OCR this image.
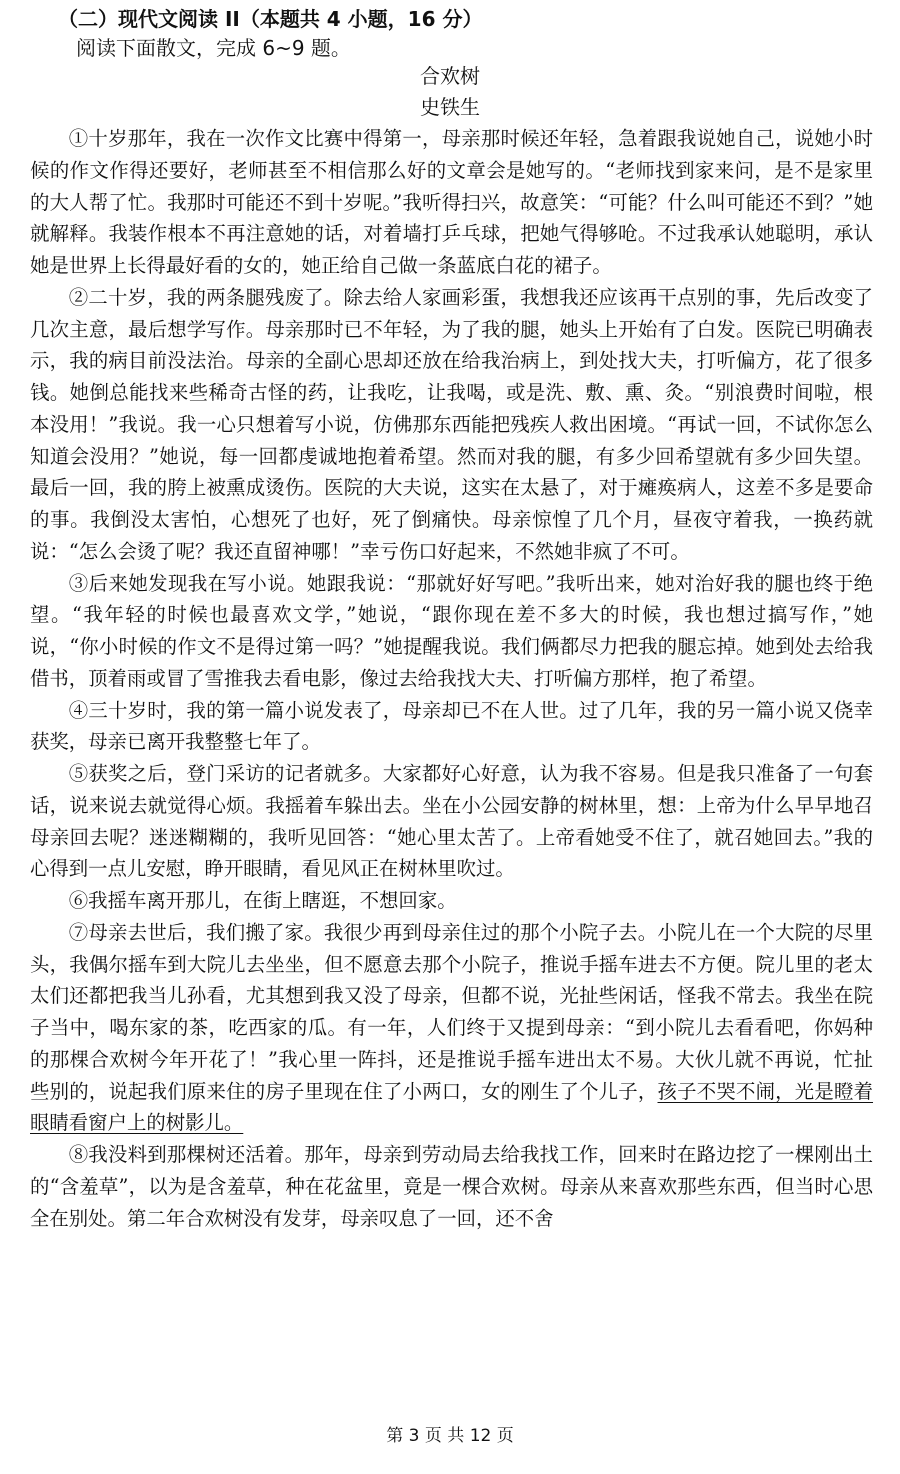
（二）现代文阅读 II（本题共 4 小题，16 分）
阅读下面散文，完成 6~9 题。
合欢树
史铁生

①十岁那年，我在一次作文比赛中得第一，母亲那时候还年轻，急着跟我说她自己，说她小时候的作文作得还要好，老师甚至不相信那么好的文章会是她写的。“老师找到家来问，是不是家里的大人帮了忙。我那时可能还不到十岁呢。”我听得扫兴，故意笑：“可能？什么叫可能还不到？”她就解释。我装作根本不再注意她的话，对着墙打乒乓球，把她气得够呛。不过我承认她聪明，承认她是世界上长得最好看的女的，她正给自己做一条蓝底白花的裙子。

②二十岁，我的两条腿残废了。除去给人家画彩蛋，我想我还应该再干点别的事，先后改变了几次主意，最后想学写作。母亲那时已不年轻，为了我的腿，她头上开始有了白发。医院已明确表示，我的病目前没法治。母亲的全副心思却还放在给我治病上，到处找大夫，打听偏方，花了很多钱。她倒总能找来些稀奇古怪的药，让我吃，让我喝，或是洗、敷、熏、灸。“别浪费时间啦，根本没用！”我说。我一心只想着写小说，仿佛那东西能把残疾人救出困境。“再试一回，不试你怎么知道会没用？”她说，每一回都虔诚地抱着希望。然而对我的腿，有多少回希望就有多少回失望。最后一回，我的胯上被熏成烫伤。医院的大夫说，这实在太悬了，对于瘫痪病人，这差不多是要命的事。我倒没太害怕，心想死了也好，死了倒痛快。母亲惊惶了几个月，昼夜守着我，一换药就说：“怎么会烫了呢？我还直留神哪！”幸亏伤口好起来，不然她非疯了不可。

③后来她发现我在写小说。她跟我说：“那就好好写吧。”我听出来，她对治好我的腿也终于绝望。“我年轻的时候也最喜欢文学，”她说，“跟你现在差不多大的时候，我也想过搞写作，”她说，“你小时候的作文不是得过第一吗？”她提醒我说。我们俩都尽力把我的腿忘掉。她到处去给我借书，顶着雨或冒了雪推我去看电影，像过去给我找大夫、打听偏方那样，抱了希望。

④三十岁时，我的第一篇小说发表了，母亲却已不在人世。过了几年，我的另一篇小说又侥幸获奖，母亲已离开我整整七年了。

⑤获奖之后，登门采访的记者就多。大家都好心好意，认为我不容易。但是我只准备了一句套话，说来说去就觉得心烦。我摇着车躲出去。坐在小公园安静的树林里，想：上帝为什么早早地召母亲回去呢？迷迷糊糊的，我听见回答：“她心里太苦了。上帝看她受不住了，就召她回去。”我的心得到一点儿安慰，睁开眼睛，看见风正在树林里吹过。

⑥我摇车离开那儿，在街上瞎逛，不想回家。

⑦母亲去世后，我们搬了家。我很少再到母亲住过的那个小院子去。小院儿在一个大院的尽里头，我偶尔摇车到大院儿去坐坐，但不愿意去那个小院子，推说手摇车进去不方便。院儿里的老太太们还都把我当儿孙看，尤其想到我又没了母亲，但都不说，光扯些闲话，怪我不常去。我坐在院子当中，喝东家的茶，吃西家的瓜。有一年，人们终于又提到母亲：“到小院儿去看看吧，你妈种的那棵合欢树今年开花了！”我心里一阵抖，还是推说手摇车进出太不易。大伙儿就不再说，忙扯些别的，说起我们原来住的房子里现在住了小两口，女的刚生了个儿子，孩子不哭不闹，光是瞪着眼睛看窗户上的树影儿。

⑧我没料到那棵树还活着。那年，母亲到劳动局去给我找工作，回来时在路边挖了一棵刚出土的“含羞草”，以为是含羞草，种在花盆里，竟是一棵合欢树。母亲从来喜欢那些东西，但当时心思全在别处。第二年合欢树没有发芽，母亲叹息了一回，还不舍

第 3 页 共 12 页
